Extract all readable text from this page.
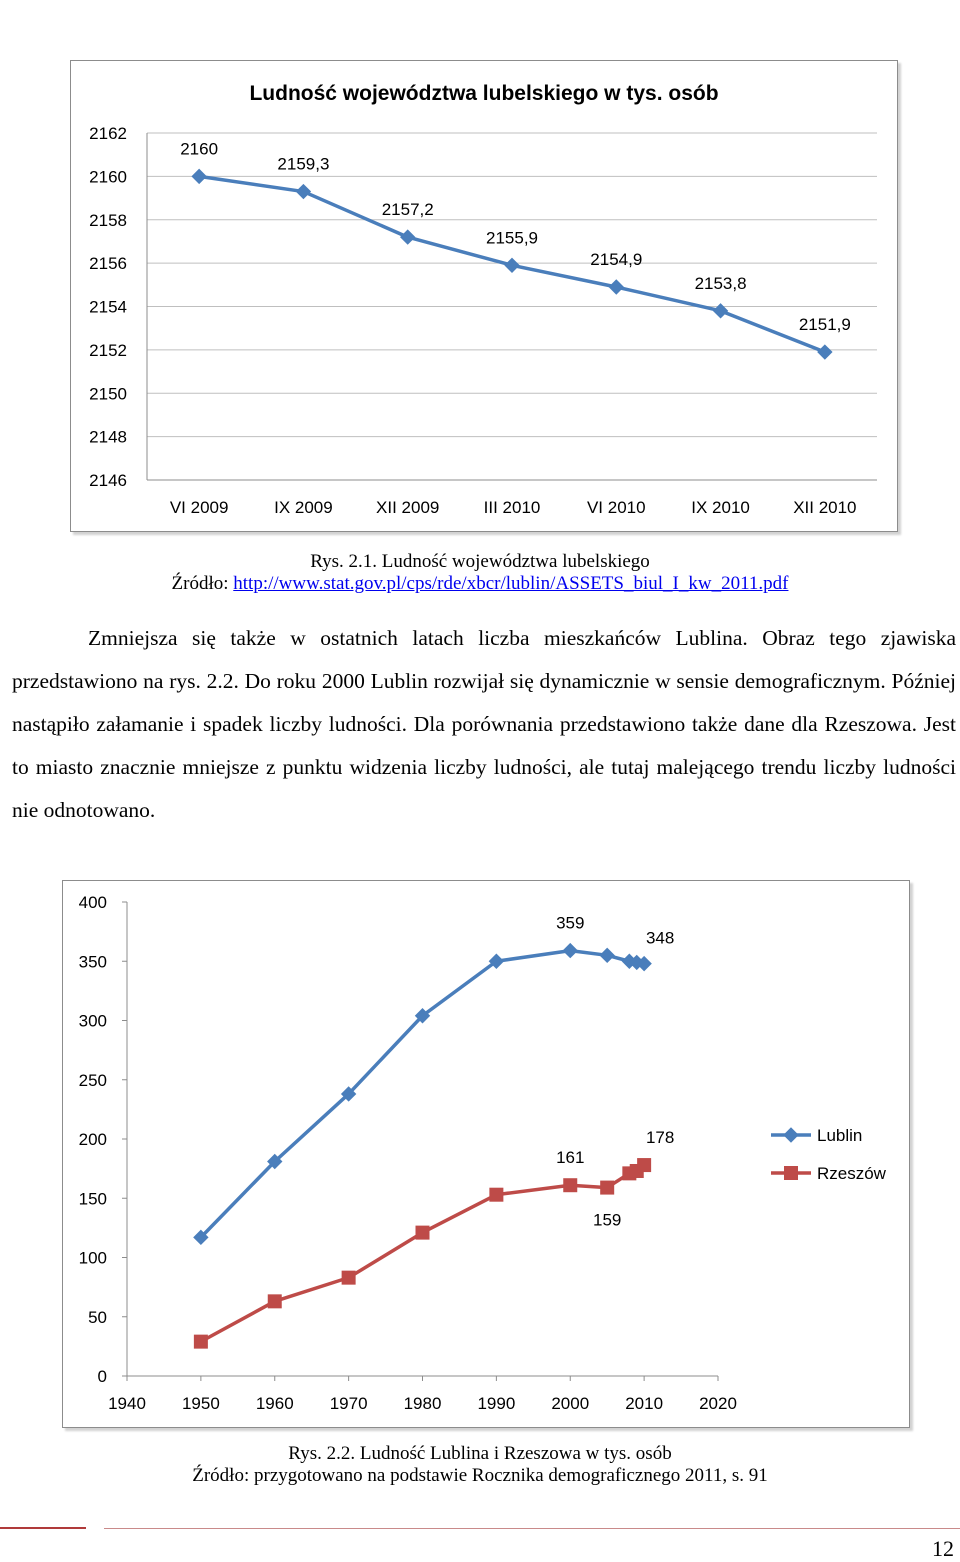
Ludność województwa lubelskiego w tys. osób
2146
2148
2150
2152
2154
2156
2158
2160
2162
VI 2009	IX 2009	XII 2009	III 2010	VI 2010	IX 2010	XII 2010
2160
2159,3
2157,2
2155,9
2154,9
2153,8
2151,9
Rys. 2.1. Ludność województwa lubelskiego
Źródło: http://www.stat.gov.pl/cps/rde/xbcr/lublin/ASSETS_biul_I_kw_2011.pdf

Zmniejsza się także w ostatnich latach liczba mieszkańców Lublina. Obraz tego zjawiska przedstawiono na rys. 2.2. Do roku 2000 Lublin rozwijał się dynamicznie w sensie demograficznym. Później nastąpiło załamanie i spadek liczby ludności. Dla porównania przedstawiono także dane dla Rzeszowa. Jest to miasto znacznie mniejsze z punktu widzenia liczby ludności, ale tutaj malejącego trendu liczby ludności nie odnotowano.

0
50
100
150
200
250
300
350
400
1940 1950 1960 1970 1980 1990 2000 2010 2020
359
348
161
178
159
Lublin
Rzeszów
Rys. 2.2. Ludność Lublina i Rzeszowa w tys. osób
Źródło: przygotowano na podstawie Rocznika demograficznego 2011, s. 91
12
